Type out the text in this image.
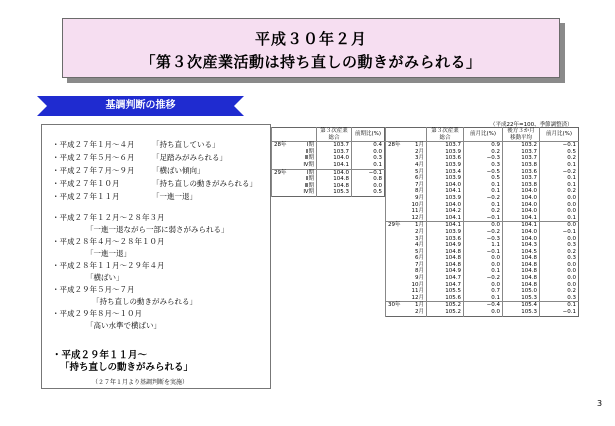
平成３０年２月
「第３次産業活動は持ち直しの動きがみられる」
基調判断の推移
・平成２７年１月～４月 「持ち直している」
・平成２７年５月～６月 「足踏みがみられる」
・平成２７年７月～９月 「横ばい傾向」
・平成２７年１０月	「持ち直しの動きがみられる」
・平成２７年１１月	「一進一退」
・平成２７年１２月～２８年３月
「一進一退ながら一部に弱さがみられる」
・平成２８年４月～２８年１０月
「一進一退」
・平成２８年１１月～２９年４月
「横ばい」
・平成２９年５月～７月
「持ち直しの動きがみられる」
・平成２９年８月～１０月
「高い水準で横ばい」
・平成２９年１１月～
「持ち直しの動きがみられる」
（２７年１月より基調判断を実施）
（平成22年=100、季節調整済）
	第３次産業
総合	前期比(%)
28年 Ⅰ期	103.7	0.4

Ⅱ期	103.7	0.0

Ⅲ期	104.0	0.3

Ⅳ期	104.1	0.1
29年 Ⅰ期	104.0	−0.1

Ⅱ期	104.8	0.8

Ⅲ期	104.8	0.0

Ⅳ期	105.3	0.5
	第３次産業
総合	前月比(%)	後方３か月
移動平均	前月比(%)
28年 1月	103.7	0.9	103.2	−0.1

2月	103.9	0.2	103.7	0.5

3月	103.6	−0.3	103.7	0.2

4月	103.9	0.3	103.8	0.1

5月	103.4	−0.5	103.6	−0.2

6月	103.9	0.5	103.7	0.1

7月	104.0	0.1	103.8	0.1

8月	104.1	0.1	104.0	0.2

9月	103.9	−0.2	104.0	0.0

10月	104.0	0.1	104.0	0.0

11月	104.2	0.2	104.0	0.0

12月	104.1	−0.1	104.1	0.1
29年 1月	104.1	0.0	104.1	0.0

2月	103.9	−0.2	104.0	−0.1

3月	103.6	−0.3	104.0	0.0

4月	104.9	1.1	104.3	0.3

5月	104.8	−0.1	104.5	0.2

6月	104.8	0.0	104.8	0.3

7月	104.8	0.0	104.8	0.0

8月	104.9	0.1	104.8	0.0

9月	104.7	−0.2	104.8	0.0

10月	104.7	0.0	104.8	0.0

11月	105.5	0.7	105.0	0.2

12月	105.6	0.1	105.3	0.3
30年 1月	105.2	−0.4	105.4	0.1

2月	105.2	0.0	105.3	−0.1
3
